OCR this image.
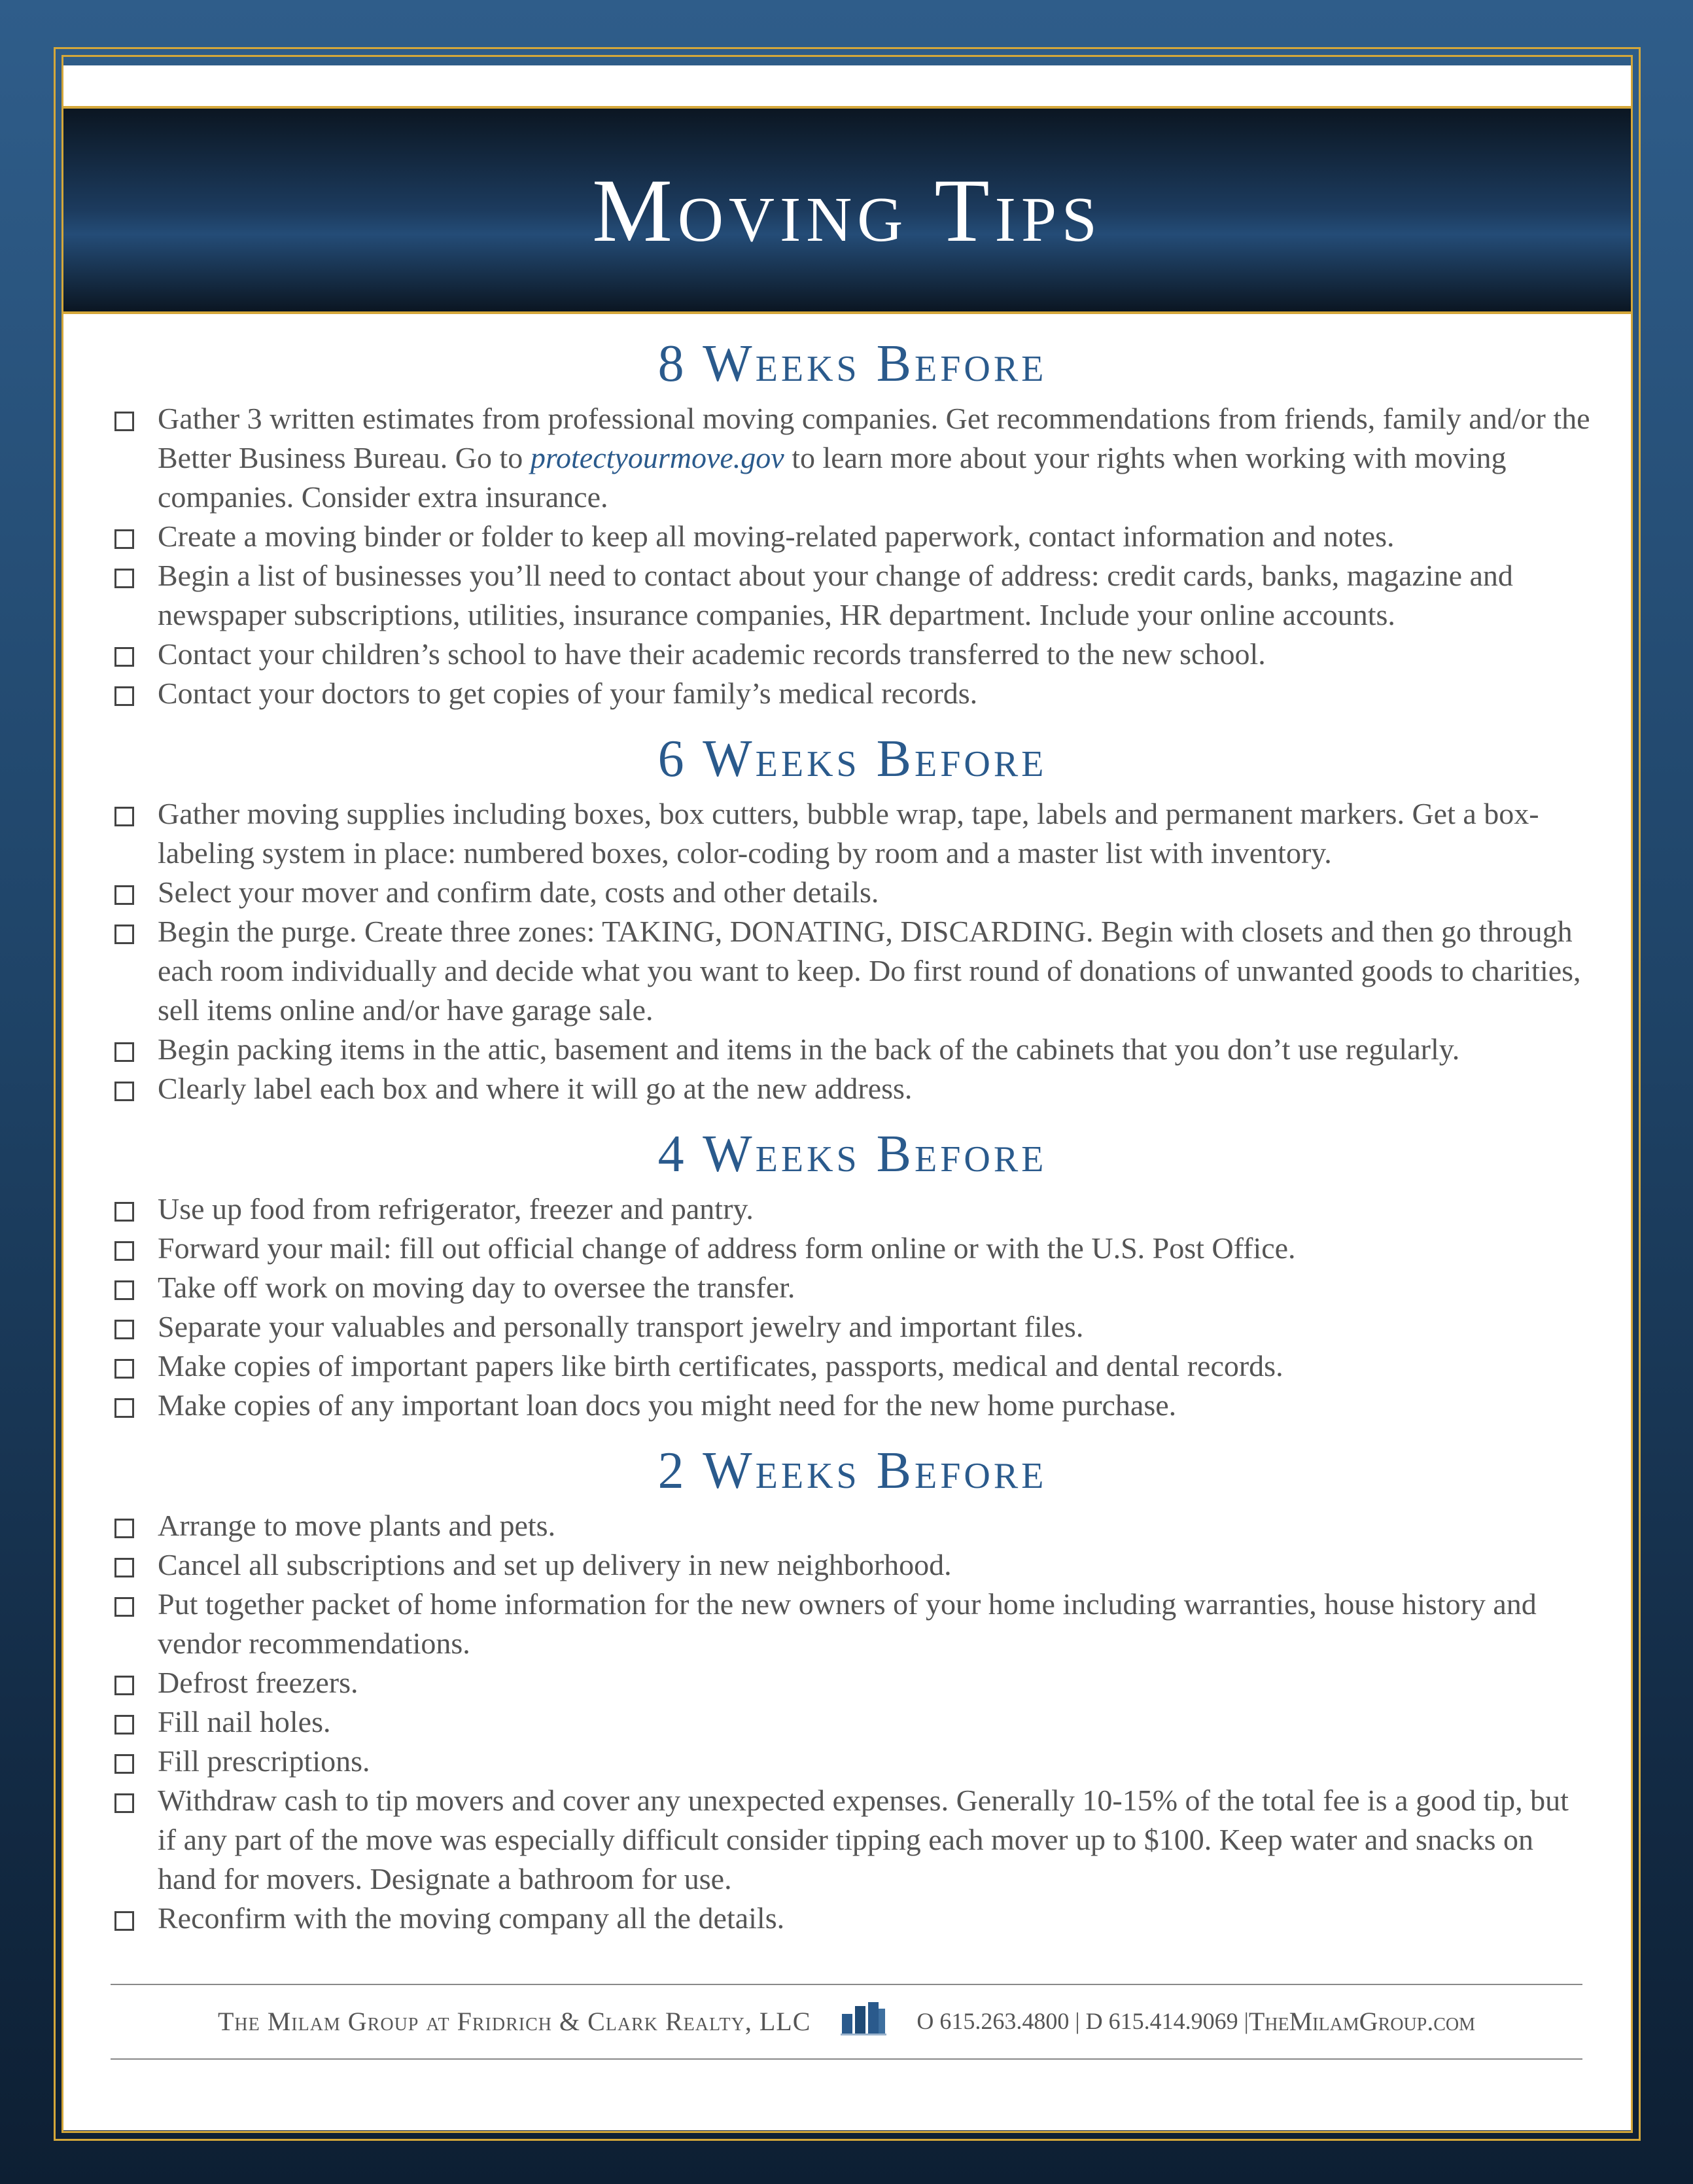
Moving Tips
8 Weeks Before
Gather 3 written estimates from professional moving companies. Get recommendations from friends, family and/or the Better Business Bureau. Go to protectyourmove.gov to learn more about your rights when working with moving companies. Consider extra insurance.
Create a moving binder or folder to keep all moving-related paperwork, contact information and notes.
Begin a list of businesses you’ll need to contact about your change of address: credit cards, banks, magazine and newspaper subscriptions, utilities, insurance companies, HR department. Include your online accounts.
Contact your children’s school to have their academic records transferred to the new school.
Contact your doctors to get copies of your family’s medical records.
6 Weeks Before
Gather moving supplies including boxes, box cutters, bubble wrap, tape, labels and permanent markers. Get a box-labeling system in place: numbered boxes, color-coding by room and a master list with inventory.
Select your mover and confirm date, costs and other details.
Begin the purge. Create three zones: TAKING, DONATING, DISCARDING. Begin with closets and then go through each room individually and decide what you want to keep. Do first round of donations of unwanted goods to charities, sell items online and/or have garage sale.
Begin packing items in the attic, basement and items in the back of the cabinets that you don’t use regularly.
Clearly label each box and where it will go at the new address.
4 Weeks Before
Use up food from refrigerator, freezer and pantry.
Forward your mail: fill out official change of address form online or with the U.S. Post Office.
Take off work on moving day to oversee the transfer.
Separate your valuables and personally transport jewelry and important files.
Make copies of important papers like birth certificates, passports, medical and dental records.
Make copies of any important loan docs you might need for the new home purchase.
2 Weeks Before
Arrange to move plants and pets.
Cancel all subscriptions and set up delivery in new neighborhood.
Put together packet of home information for the new owners of your home including warranties, house history and vendor recommendations.
Defrost freezers.
Fill nail holes.
Fill prescriptions.
Withdraw cash to tip movers and cover any unexpected expenses. Generally 10-15% of the total fee is a good tip, but if any part of the move was especially difficult consider tipping each mover up to $100. Keep water and snacks on hand for movers. Designate a bathroom for use.
Reconfirm with the moving company all the details.
The Milam Group at Fridrich & Clark Realty, LLC	O 615.263.4800 | D 615.414.9069 | TheMilamGroup.com
